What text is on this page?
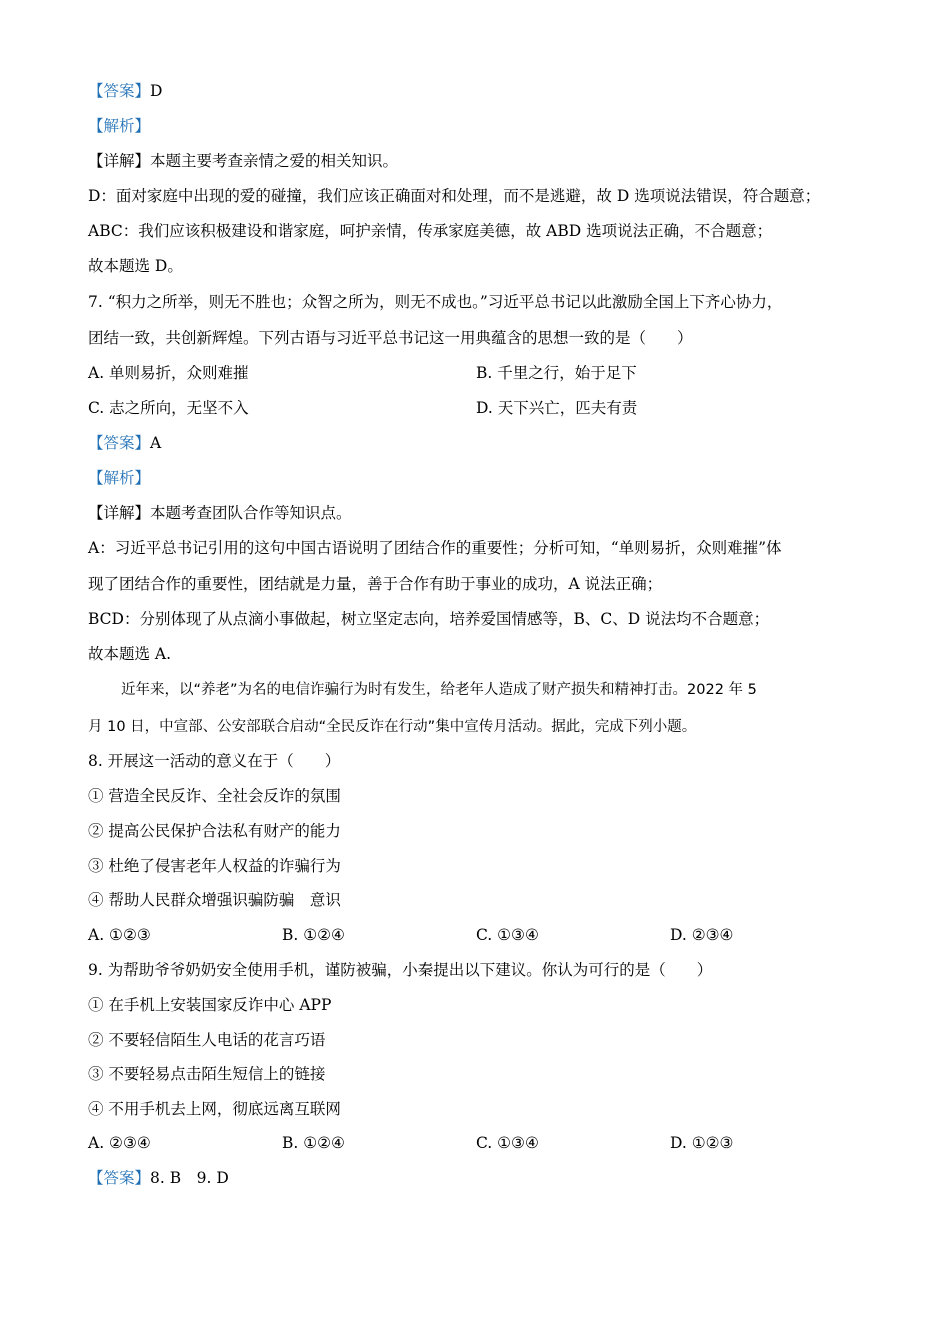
【答案】D
【解析】
【详解】本题主要考查亲情之爱的相关知识。
D：面对家庭中出现的爱的碰撞，我们应该正确面对和处理，而不是逃避，故 D 选项说法错误，符合题意；
ABC：我们应该积极建设和谐家庭，呵护亲情，传承家庭美德，故 ABD 选项说法正确，不合题意；
故本题选 D。
7. “积力之所举，则无不胜也；众智之所为，则无不成也。”习近平总书记以此激励全国上下齐心协力，
团结一致，共创新辉煌。下列古语与习近平总书记这一用典蕴含的思想一致的是（　　）
A. 单则易折，众则难摧	B. 千里之行，始于足下
C. 志之所向，无坚不入	D. 天下兴亡，匹夫有责
【答案】A
【解析】
【详解】本题考查团队合作等知识点。
A：习近平总书记引用的这句中国古语说明了团结合作的重要性；分析可知，“单则易折，众则难摧”体
现了团结合作的重要性，团结就是力量，善于合作有助于事业的成功，A 说法正确；
BCD：分别体现了从点滴小事做起，树立坚定志向，培养爱国情感等，B、C、D 说法均不合题意；
故本题选 A.
近年来，以“养老”为名的电信诈骗行为时有发生，给老年人造成了财产损失和精神打击。2022 年 5
月 10 日，中宣部、公安部联合启动“全民反诈在行动”集中宣传月活动。据此，完成下列小题。
8. 开展这一活动的意义在于（　　）
① 营造全民反诈、全社会反诈的氛围
② 提高公民保护合法私有财产的能力
③ 杜绝了侵害老年人权益的诈骗行为
④ 帮助人民群众增强识骗防骗　意识
A. ①②③	B. ①②④	C. ①③④	D. ②③④
9. 为帮助爷爷奶奶安全使用手机，谨防被骗，小秦提出以下建议。你认为可行的是（　　）
① 在手机上安装国家反诈中心 APP
② 不要轻信陌生人电话的花言巧语
③ 不要轻易点击陌生短信上的链接
④ 不用手机去上网，彻底远离互联网
A. ②③④	B. ①②④	C. ①③④	D. ①②③
【答案】8. B　9. D
